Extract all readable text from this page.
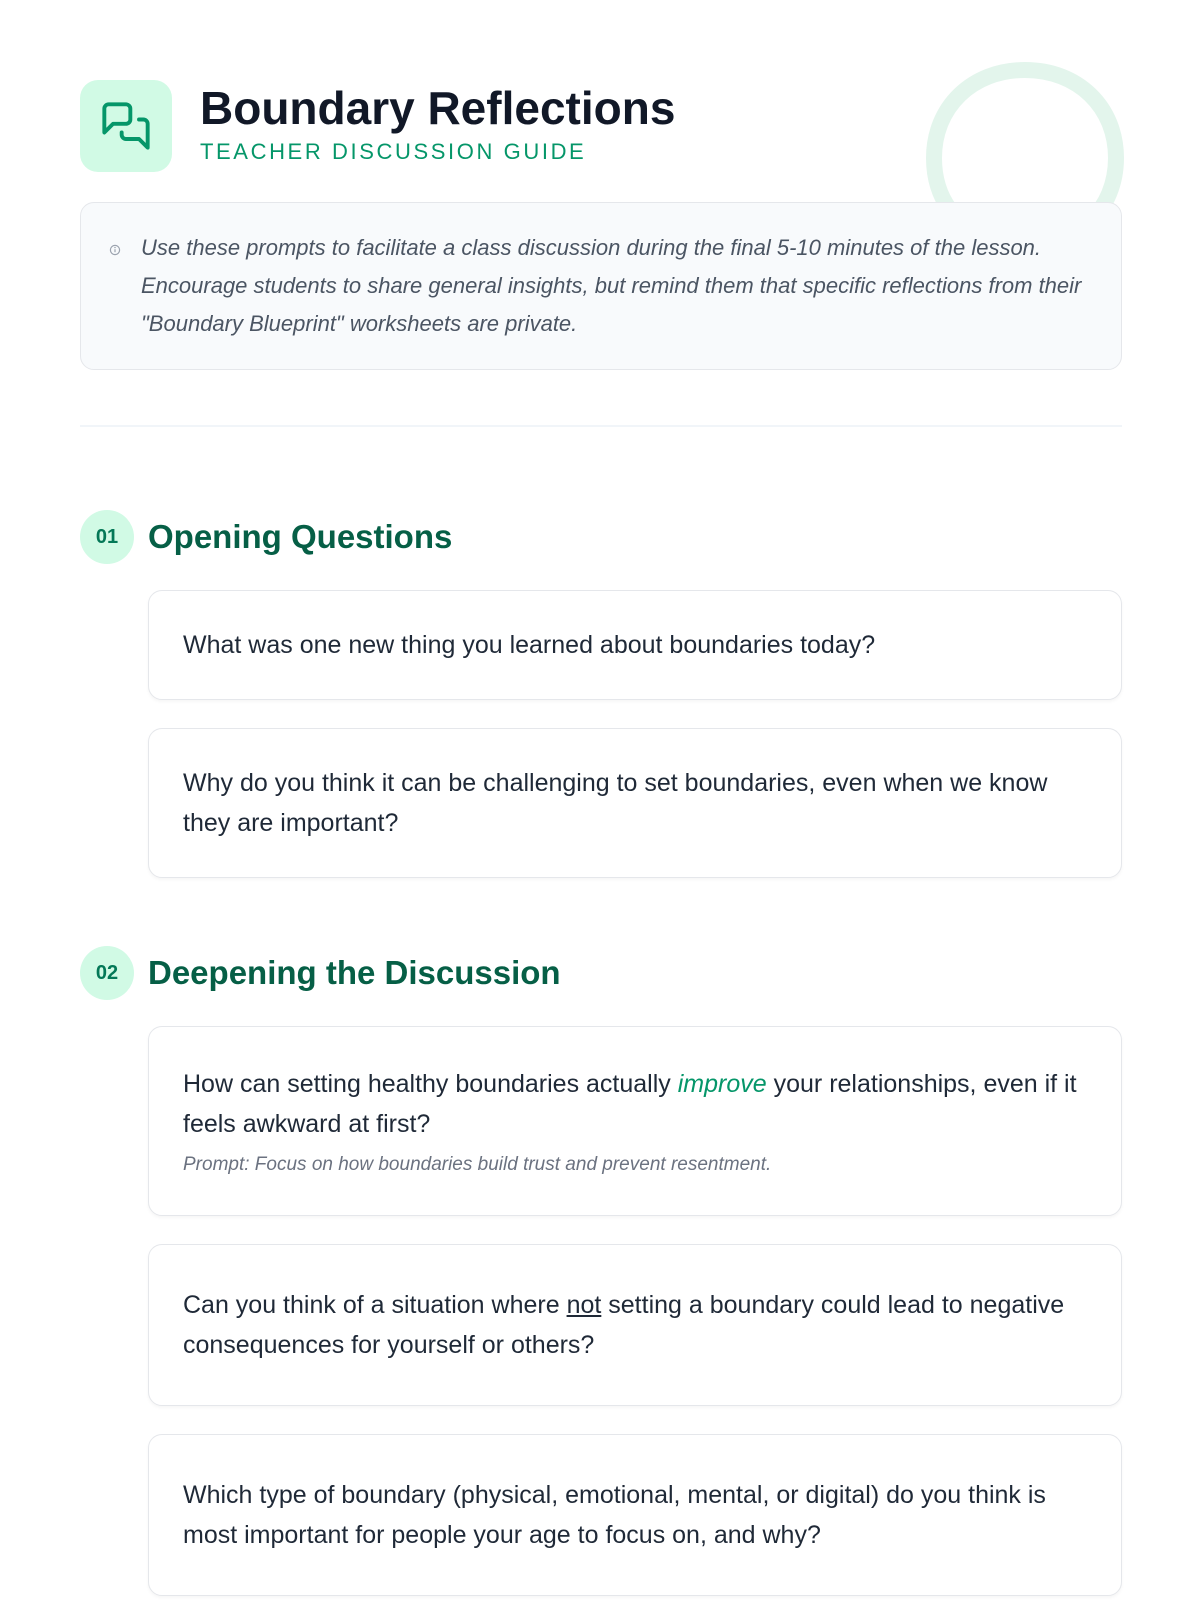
Boundary Reflections
TEACHER DISCUSSION GUIDE

Use these prompts to facilitate a class discussion during the final 5-10 minutes of the lesson. Encourage students to share general insights, but remind them that specific reflections from their "Boundary Blueprint" worksheets are private.

01 Opening Questions

What was one new thing you learned about boundaries today?

Why do you think it can be challenging to set boundaries, even when we know they are important?

02 Deepening the Discussion

How can setting healthy boundaries actually improve your relationships, even if it feels awkward at first?

Prompt: Focus on how boundaries build trust and prevent resentment.

Can you think of a situation where not setting a boundary could lead to negative consequences for yourself or others?

Which type of boundary (physical, emotional, mental, or digital) do you think is most important for people your age to focus on, and why?
